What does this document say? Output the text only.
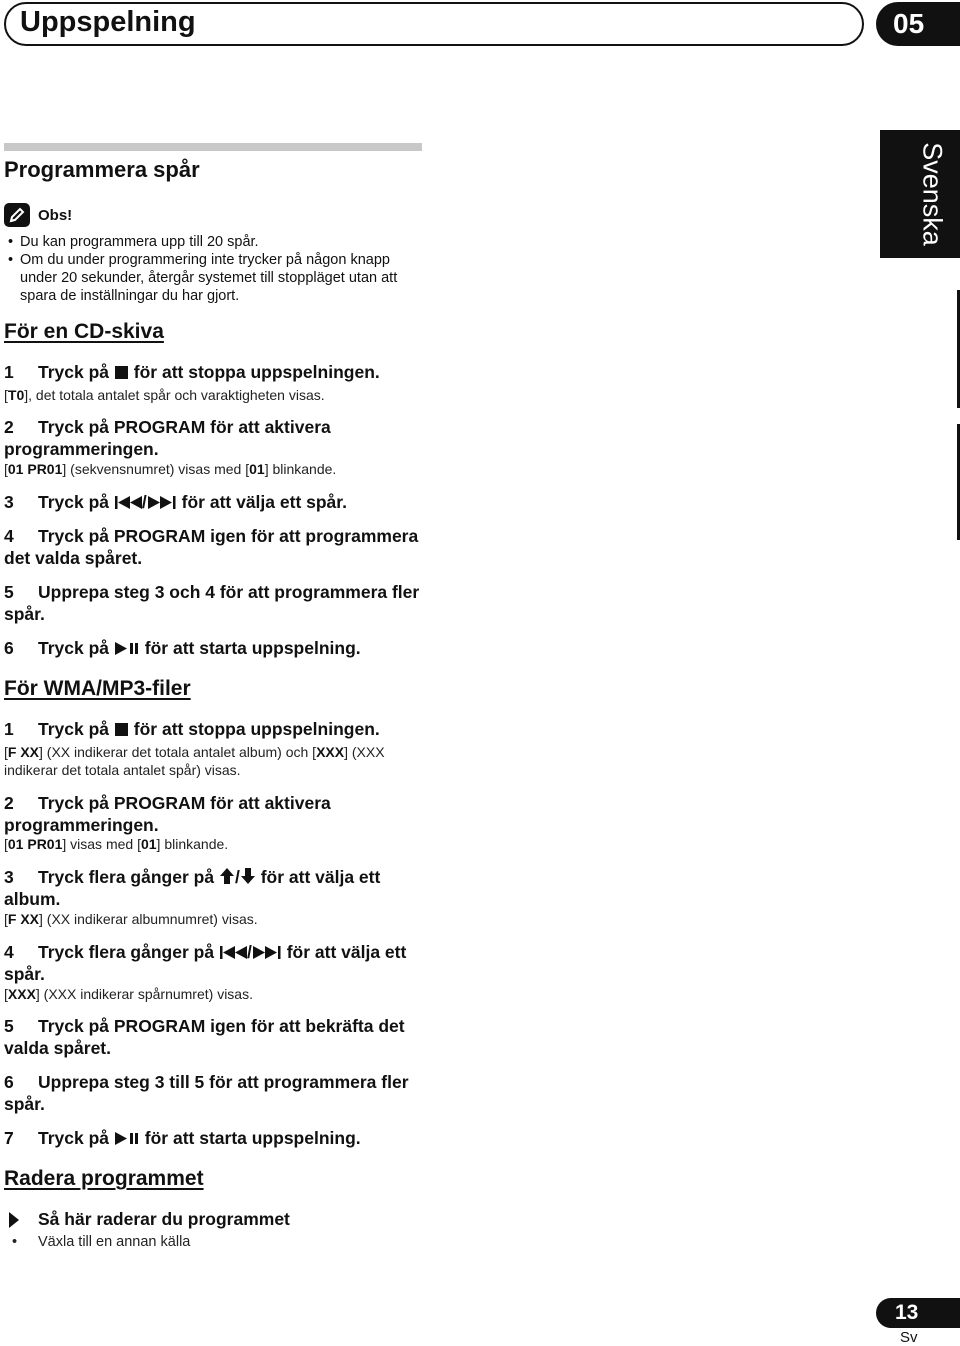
Uppspelning	05
Svenska
Programmera spår
Obs!
• Du kan programmera upp till 20 spår.
• Om du under programmering inte trycker på någon knapp under 20 sekunder, återgår systemet till stoppläget utan att spara de inställningar du har gjort.
För en CD-skiva
1 Tryck på för att stoppa uppspelningen.
[T0], det totala antalet spår och varaktigheten visas.
2 Tryck på PROGRAM för att aktivera programmeringen.
[01 PR01] (sekvensnumret) visas med [01] blinkande.
3 Tryck på / för att välja ett spår.
4 Tryck på PROGRAM igen för att programmera det valda spåret.
5 Upprepa steg 3 och 4 för att programmera fler spår.
6 Tryck på för att starta uppspelning.
För WMA/MP3-filer
1 Tryck på för att stoppa uppspelningen.
[F XX] (XX indikerar det totala antalet album) och [XXX] (XXX indikerar det totala antalet spår) visas.
2 Tryck på PROGRAM för att aktivera programmeringen.
[01 PR01] visas med [01] blinkande.
3 Tryck flera gånger på / för att välja ett album.
[F XX] (XX indikerar albumnumret) visas.
4 Tryck flera gånger på / för att välja ett spår.
[XXX] (XXX indikerar spårnumret) visas.
5 Tryck på PROGRAM igen för att bekräfta det valda spåret.
6 Upprepa steg 3 till 5 för att programmera fler spår.
7 Tryck på för att starta uppspelning.
Radera programmet
Så här raderar du programmet
• Växla till en annan källa
13
Sv
